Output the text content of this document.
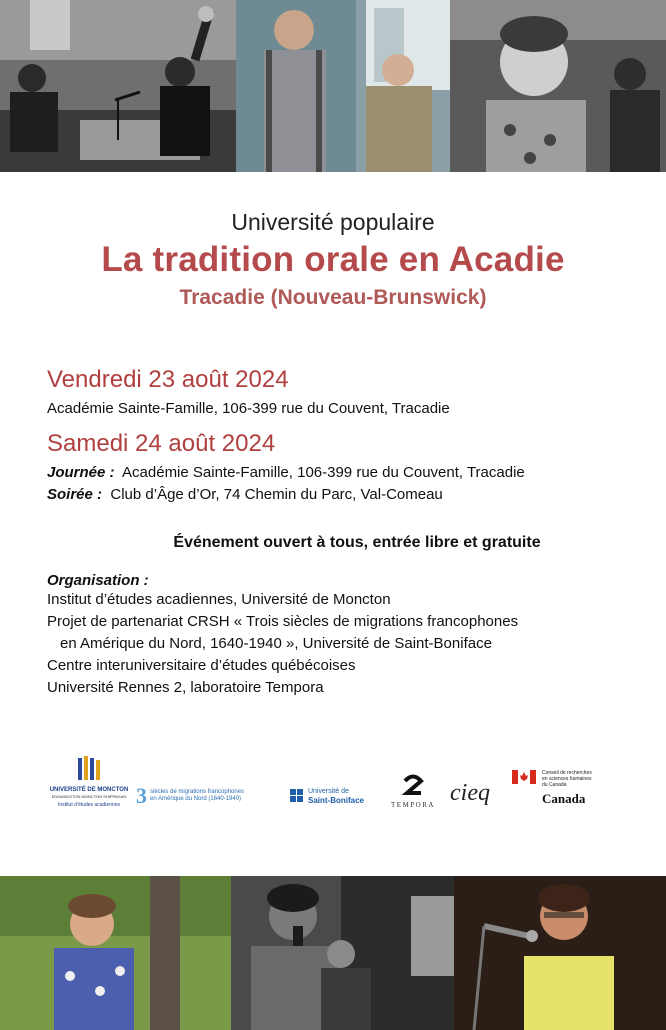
Université populaire
La tradition orale en Acadie
Tracadie (Nouveau-Brunswick)
Vendredi 23 août 2024
Académie Sainte-Famille, 106-399 rue du Couvent, Tracadie
Samedi 24 août 2024
Journée : Académie Sainte-Famille, 106-399 rue du Couvent, Tracadie
Soirée : Club d’Âge d’Or, 74 Chemin du Parc, Val-Comeau
Événement ouvert à tous, entrée libre et gratuite
Organisation :
Institut d’études acadiennes, Université de Moncton
Projet de partenariat CRSH « Trois siècles de migrations francophones
en Amérique du Nord, 1640-1940 », Université de Saint-Boniface
Centre interuniversitaire d’études québécoises
Université Rennes 2, laboratoire Tempora
UNIVERSITÉ DE MONCTON
EDMUNDSTON MONCTON SHIPPAGAN
Institut d’études acadiennes 3 siècles de migrations francophones
en Amérique du Nord (1640-1940)
Université de
Saint-Boniface	TEMPORA cieq
Conseil de recherches
en sciences humaines
du Canada
Canada
